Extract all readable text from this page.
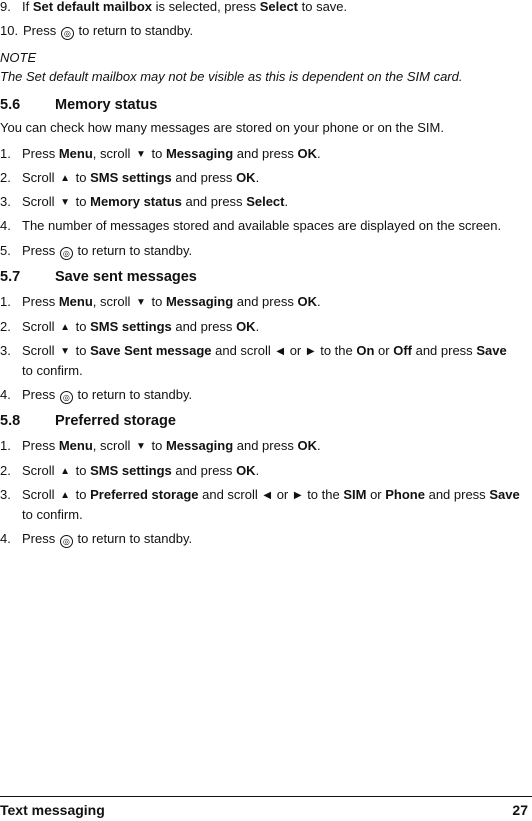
9. If Set default mailbox is selected, press Select to save.
10. Press ◎ to return to standby.
NOTE
The Set default mailbox may not be visible as this is dependent on the SIM card.
5.6 Memory status
You can check how many messages are stored on your phone or on the SIM.
1. Press Menu, scroll ▼ to Messaging and press OK.
2. Scroll ▲ to SMS settings and press OK.
3. Scroll ▼ to Memory status and press Select.
4. The number of messages stored and available spaces are displayed on the screen.
5. Press ◎ to return to standby.
5.7 Save sent messages
1. Press Menu, scroll ▼ to Messaging and press OK.
2. Scroll ▲ to SMS settings and press OK.
3. Scroll ▼ to Save Sent message and scroll ◀ or ▶ to the On or Off and press Save to confirm.
4. Press ◎ to return to standby.
5.8 Preferred storage
1. Press Menu, scroll ▼ to Messaging and press OK.
2. Scroll ▲ to SMS settings and press OK.
3. Scroll ▲ to Preferred storage and scroll ◀ or ▶ to the SIM or Phone and press Save to confirm.
4. Press ◎ to return to standby.
Text messaging	27
